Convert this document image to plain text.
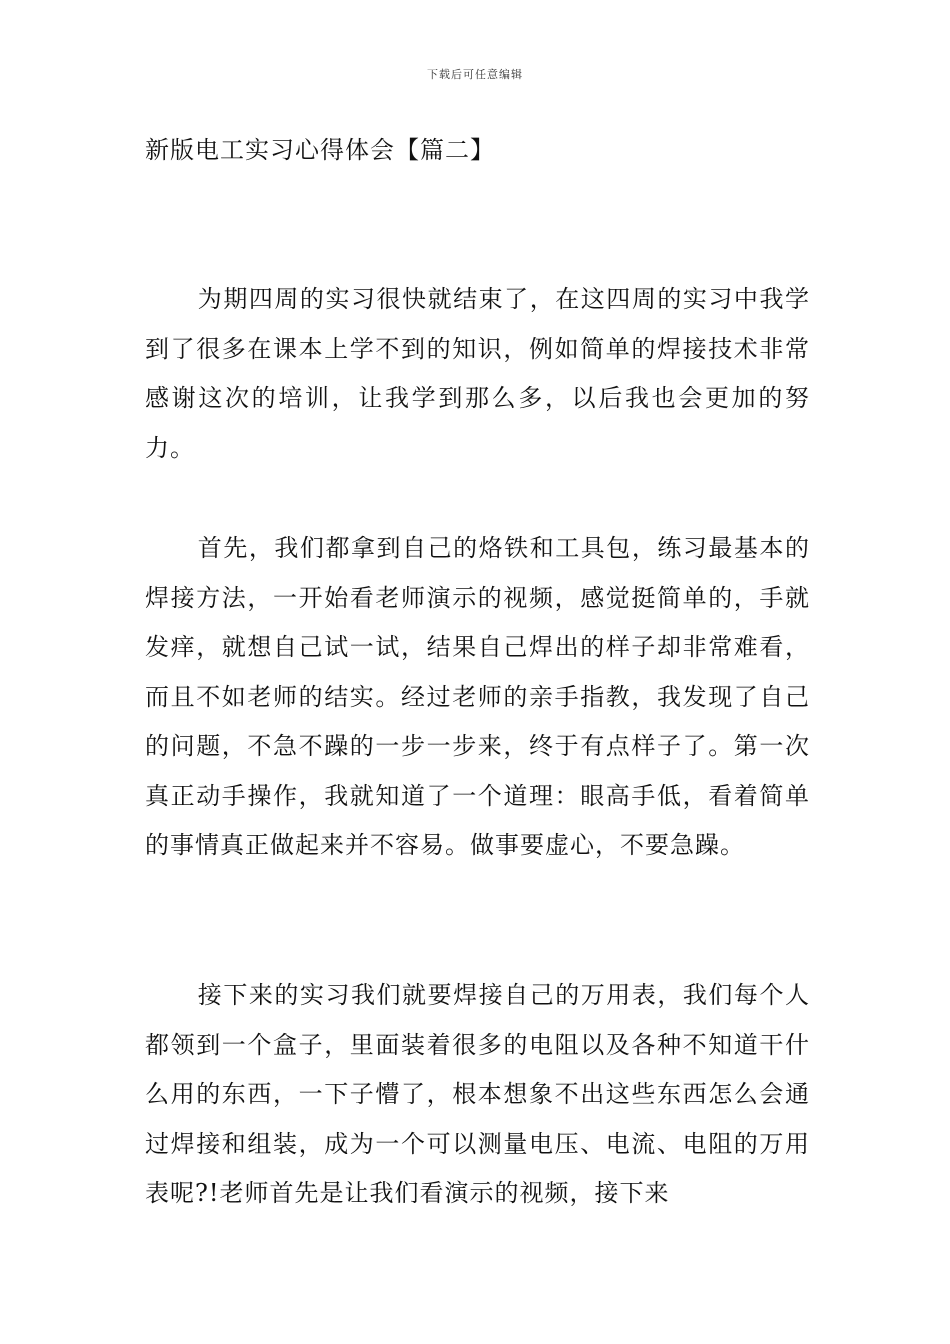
下载后可任意编辑
新版电工实习心得体会【篇二】

为期四周的实习很快就结束了，在这四周的实习中我学到了很多在课本上学不到的知识，例如简单的焊接技术非常感谢这次的培训，让我学到那么多，以后我也会更加的努力。

首先，我们都拿到自己的烙铁和工具包，练习最基本的焊接方法，一开始看老师演示的视频，感觉挺简单的，手就发痒，就想自己试一试，结果自己焊出的样子却非常难看，而且不如老师的结实。经过老师的亲手指教，我发现了自己的问题，不急不躁的一步一步来，终于有点样子了。第一次真正动手操作，我就知道了一个道理：眼高手低，看着简单的事情真正做起来并不容易。做事要虚心，不要急躁。

接下来的实习我们就要焊接自己的万用表，我们每个人都领到一个盒子，里面装着很多的电阻以及各种不知道干什么用的东西，一下子懵了，根本想象不出这些东西怎么会通过焊接和组装，成为一个可以测量电压、电流、电阻的万用表呢?!老师首先是让我们看演示的视频，接下来
